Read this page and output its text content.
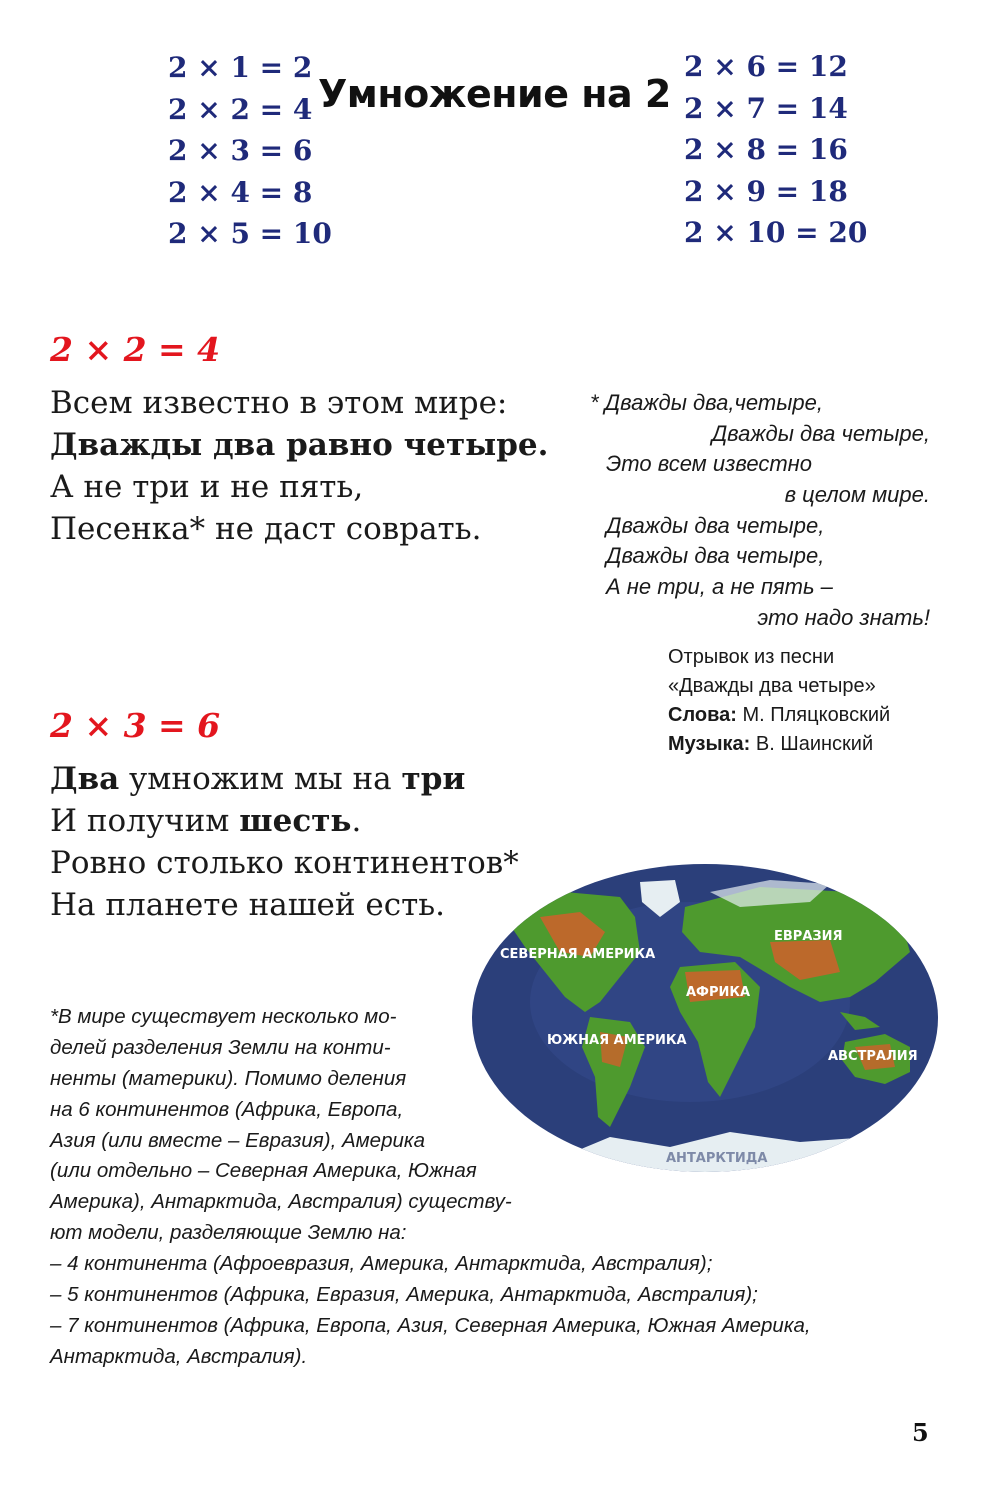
2 × 1 = 2
2 × 2 = 4
2 × 3 = 6
2 × 4 = 8
2 × 5 = 10
Умножение на 2
2 × 6 = 12
2 × 7 = 14
2 × 8 = 16
2 × 9 = 18
2 × 10 = 20
2 × 2 = 4
Всем известно в этом мире:
Дважды два равно четыре.
А не три и не пять,
Песенка* не даст соврать.
* Дважды два,четыре,
Дважды два четыре,
Это всем известно
в целом мире.
Дважды два четыре,
Дважды два четыре,
А не три, а не пять –
это надо знать!
Отрывок из песни
«Дважды два четыре»
Слова: М. Пляцковский
Музыка: В. Шаинский
2 × 3 = 6
Два умножим мы на три
И получим шесть.
Ровно столько континентов*
На планете нашей есть.
СЕВЕРНАЯ АМЕРИКА
ЮЖНАЯ АМЕРИКА
ЕВРАЗИЯ
АФРИКА
АВСТРАЛИЯ
АНТАРКТИДА
*В мире существует несколько мо-
делей разделения Земли на конти-
ненты (материки). Помимо деления
на 6 континентов (Африка, Европа,
Азия (или вместе – Евразия), Америка
(или отдельно – Северная Америка, Южная
Америка), Антарктида, Австралия) существу-
ют модели, разделяющие Землю на:
– 4 континента (Афроевразия, Америка, Антарктида, Австралия);
– 5 континентов (Африка, Евразия, Америка, Антарктида, Австралия);
– 7 континентов (Африка, Европа, Азия, Северная Америка, Южная Америка,
Антарктида, Австралия).
5
